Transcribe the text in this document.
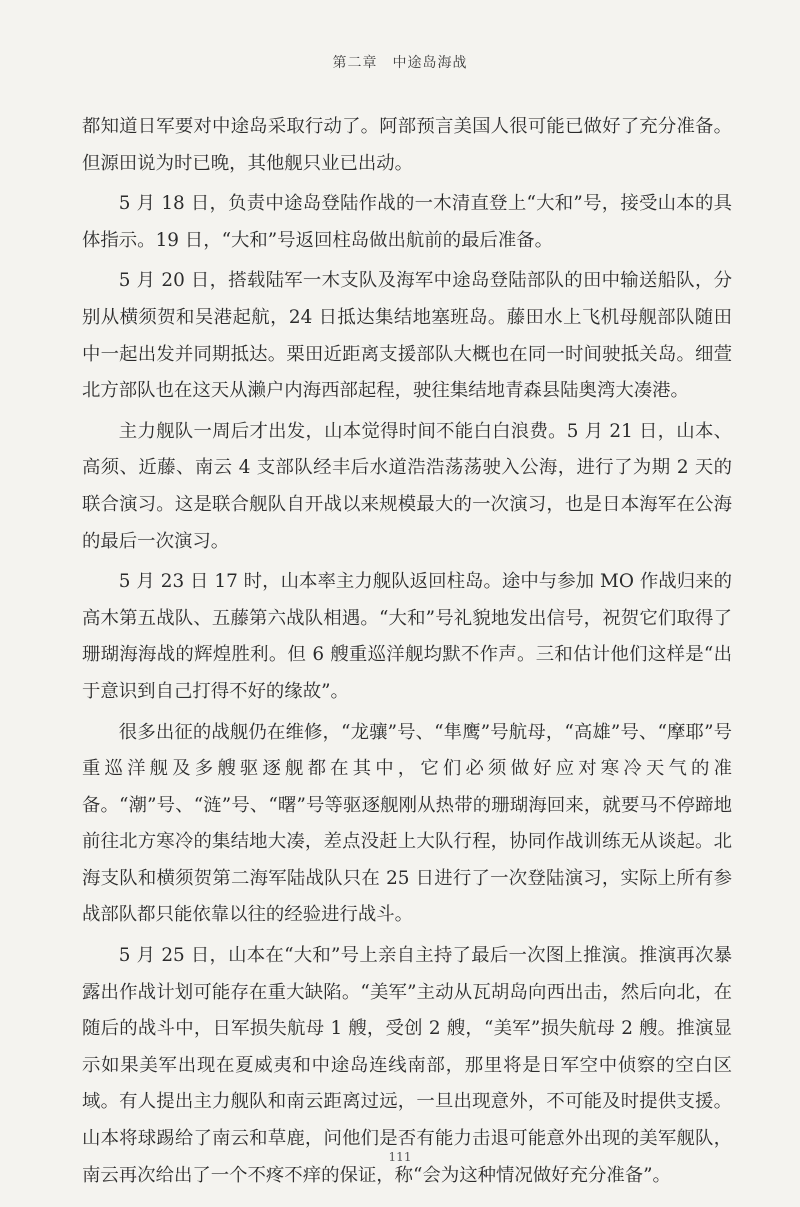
第二章　中途岛海战

都知道日军要对中途岛采取行动了。阿部预言美国人很可能已做好了充分准备。但源田说为时已晚，其他舰只业已出动。

5 月 18 日，负责中途岛登陆作战的一木清直登上“大和”号，接受山本的具体指示。19 日，“大和”号返回柱岛做出航前的最后准备。

5 月 20 日，搭载陆军一木支队及海军中途岛登陆部队的田中输送船队，分别从横须贺和吴港起航，24 日抵达集结地塞班岛。藤田水上飞机母舰部队随田中一起出发并同期抵达。栗田近距离支援部队大概也在同一时间驶抵关岛。细萱北方部队也在这天从濑户内海西部起程，驶往集结地青森县陆奥湾大凑港。

主力舰队一周后才出发，山本觉得时间不能白白浪费。5 月 21 日，山本、高须、近藤、南云 4 支部队经丰后水道浩浩荡荡驶入公海，进行了为期 2 天的联合演习。这是联合舰队自开战以来规模最大的一次演习，也是日本海军在公海的最后一次演习。

5 月 23 日 17 时，山本率主力舰队返回柱岛。途中与参加 MO 作战归来的高木第五战队、五藤第六战队相遇。“大和”号礼貌地发出信号，祝贺它们取得了珊瑚海海战的辉煌胜利。但 6 艘重巡洋舰均默不作声。三和估计他们这样是“出于意识到自己打得不好的缘故”。

很多出征的战舰仍在维修，“龙骧”号、“隼鹰”号航母，“高雄”号、“摩耶”号重巡洋舰及多艘驱逐舰都在其中，它们必须做好应对寒冷天气的准备。“潮”号、“涟”号、“曙”号等驱逐舰刚从热带的珊瑚海回来，就要马不停蹄地前往北方寒冷的集结地大凑，差点没赶上大队行程，协同作战训练无从谈起。北海支队和横须贺第二海军陆战队只在 25 日进行了一次登陆演习，实际上所有参战部队都只能依靠以往的经验进行战斗。

5 月 25 日，山本在“大和”号上亲自主持了最后一次图上推演。推演再次暴露出作战计划可能存在重大缺陷。“美军”主动从瓦胡岛向西出击，然后向北，在随后的战斗中，日军损失航母 1 艘，受创 2 艘，“美军”损失航母 2 艘。推演显示如果美军出现在夏威夷和中途岛连线南部，那里将是日军空中侦察的空白区域。有人提出主力舰队和南云距离过远，一旦出现意外，不可能及时提供支援。山本将球踢给了南云和草鹿，问他们是否有能力击退可能意外出现的美军舰队，南云再次给出了一个不疼不痒的保证，称“会为这种情况做好充分准备”。

111
